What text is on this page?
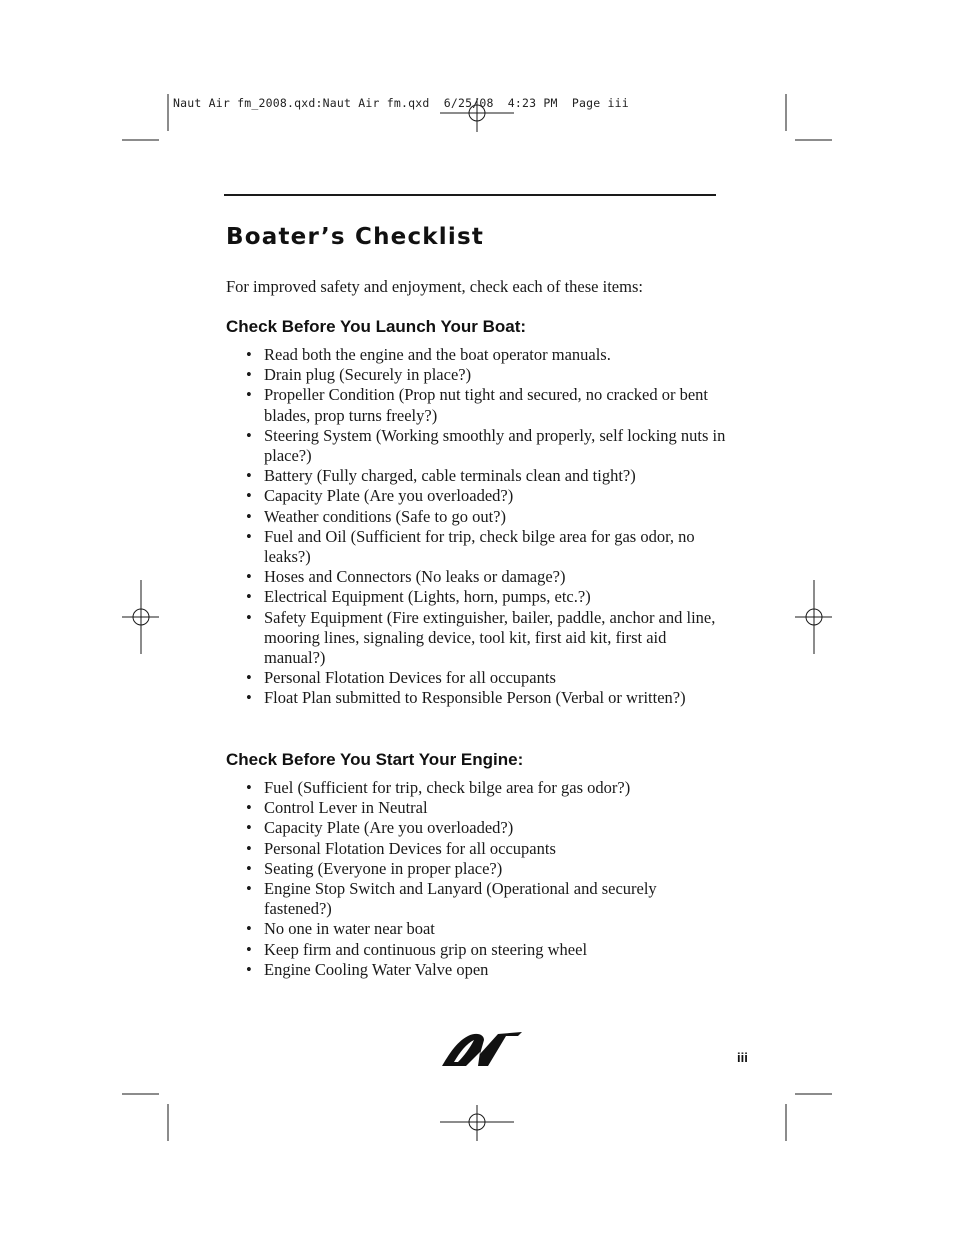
Naut Air fm_2008.qxd:Naut Air fm.qxd  6/25/08  4:23 PM  Page iii
Boater’s Checklist
For improved safety and enjoyment, check each of these items:
Check Before You Launch Your Boat:
• Read both the engine and the boat operator manuals.
• Drain plug (Securely in place?)
• Propeller Condition (Prop nut tight and secured, no cracked or bent blades, prop turns freely?)
• Steering System (Working smoothly and properly, self locking nuts in place?)
• Battery (Fully charged, cable terminals clean and tight?)
• Capacity Plate (Are you overloaded?)
• Weather conditions (Safe to go out?)
• Fuel and Oil (Sufficient for trip, check bilge area for gas odor, no leaks?)
• Hoses and Connectors (No leaks or damage?)
• Electrical Equipment (Lights, horn, pumps, etc.?)
• Safety Equipment (Fire extinguisher, bailer, paddle, anchor and line, mooring lines, signaling device, tool kit, first aid kit, first aid manual?)
• Personal Flotation Devices for all occupants
• Float Plan submitted to Responsible Person (Verbal or written?)
Check Before You Start Your Engine:
• Fuel (Sufficient for trip, check bilge area for gas odor?)
• Control Lever in Neutral
• Capacity Plate (Are you overloaded?)
• Personal Flotation Devices for all occupants
• Seating (Everyone in proper place?)
• Engine Stop Switch and Lanyard (Operational and securely fastened?)
• No one in water near boat
• Keep firm and continuous grip on steering wheel
• Engine Cooling Water Valve open
iii
